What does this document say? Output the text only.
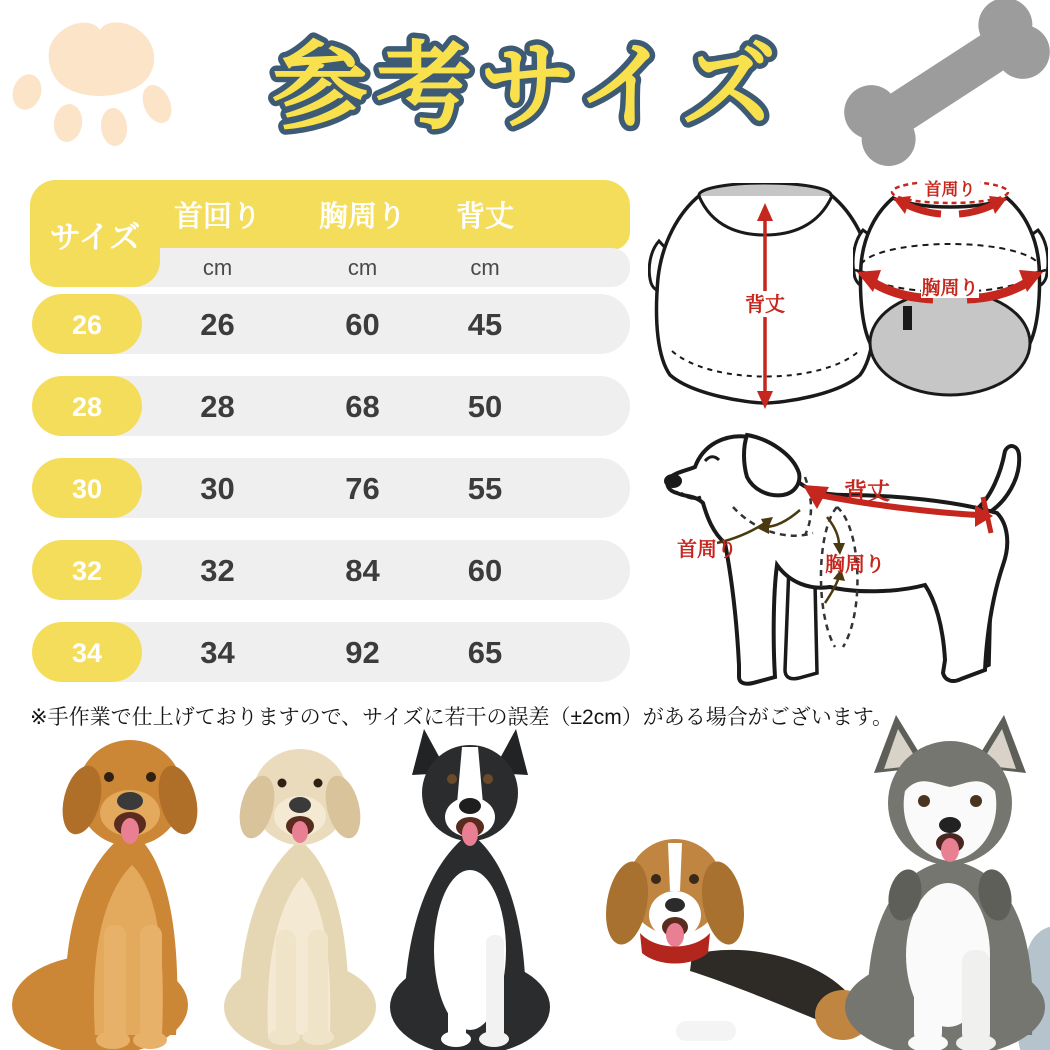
参考サイズ
サイズ
首回り	胸周り	背丈
cm	cm	cm
26	26	60	45
28	28	68	50
30	30	76	55
32	32	84	60
34	34	92	65
背丈
首周り
胸周り
背丈
首周り
胸周り
※手作業で仕上げておりますので、サイズに若干の誤差（±2cm）がある場合がございます。
